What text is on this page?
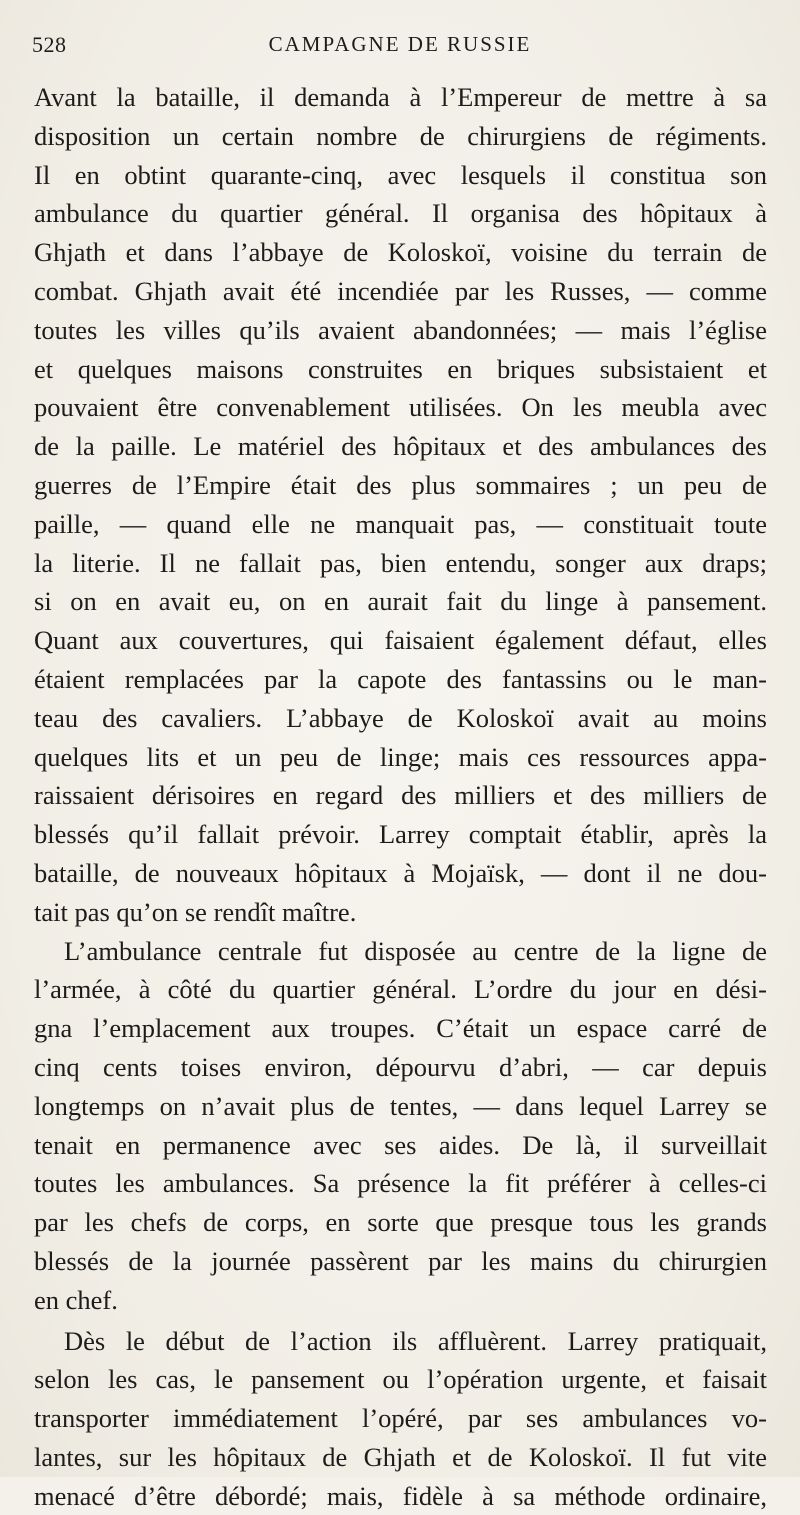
528	CAMPAGNE DE RUSSIE
Avant la bataille, il demanda à l’Empereur de mettre à sa
disposition un certain nombre de chirurgiens de régiments.
Il en obtint quarante-cinq, avec lesquels il constitua son
ambulance du quartier général. Il organisa des hôpitaux à
Ghjath et dans l’abbaye de Koloskoï, voisine du terrain de
combat. Ghjath avait été incendiée par les Russes, — comme
toutes les villes qu’ils avaient abandonnées; — mais l’église
et quelques maisons construites en briques subsistaient et
pouvaient être convenablement utilisées. On les meubla avec
de la paille. Le matériel des hôpitaux et des ambulances des
guerres de l’Empire était des plus sommaires ; un peu de
paille, — quand elle ne manquait pas, — constituait toute
la literie. Il ne fallait pas, bien entendu, songer aux draps;
si on en avait eu, on en aurait fait du linge à pansement.
Quant aux couvertures, qui faisaient également défaut, elles
étaient remplacées par la capote des fantassins ou le man-
teau des cavaliers. L’abbaye de Koloskoï avait au moins
quelques lits et un peu de linge; mais ces ressources appa-
raissaient dérisoires en regard des milliers et des milliers de
blessés qu’il fallait prévoir. Larrey comptait établir, après la
bataille, de nouveaux hôpitaux à Mojaïsk, — dont il ne dou-
tait pas qu’on se rendît maître.
L’ambulance centrale fut disposée au centre de la ligne de
l’armée, à côté du quartier général. L’ordre du jour en dési-
gna l’emplacement aux troupes. C’était un espace carré de
cinq cents toises environ, dépourvu d’abri, — car depuis
longtemps on n’avait plus de tentes, — dans lequel Larrey se
tenait en permanence avec ses aides. De là, il surveillait
toutes les ambulances. Sa présence la fit préférer à celles-ci
par les chefs de corps, en sorte que presque tous les grands
blessés de la journée passèrent par les mains du chirurgien
en chef.
Dès le début de l’action ils affluèrent. Larrey pratiquait,
selon les cas, le pansement ou l’opération urgente, et faisait
transporter immédiatement l’opéré, par ses ambulances vo-
lantes, sur les hôpitaux de Ghjath et de Koloskoï. Il fut vite
menacé d’être débordé; mais, fidèle à sa méthode ordinaire,
